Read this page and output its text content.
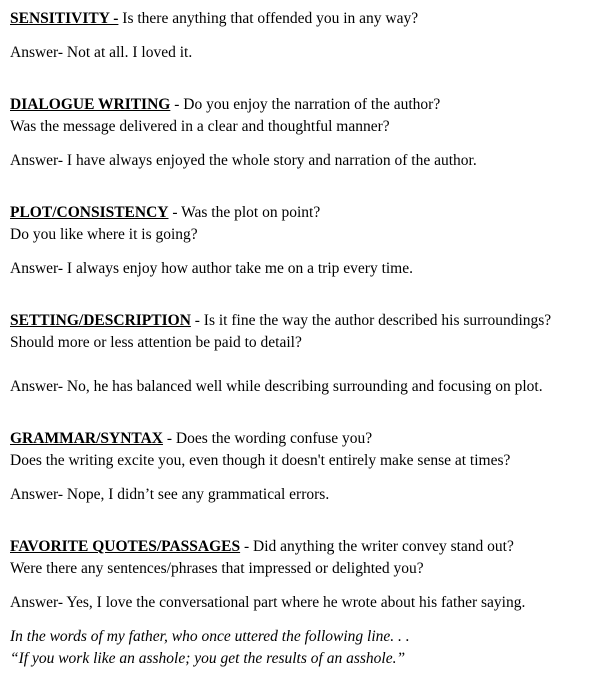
SENSITIVITY - Is there anything that offended you in any way?

Answer- Not at all. I loved it.

DIALOGUE WRITING - Do you enjoy the narration of the author?

Was the message delivered in a clear and thoughtful manner?

Answer- I have always enjoyed the whole story and narration of the author.

PLOT/CONSISTENCY - Was the plot on point?

Do you like where it is going?

Answer- I always enjoy how author take me on a trip every time.

SETTING/DESCRIPTION - Is it fine the way the author described his surroundings? Should more or less attention be paid to detail?

Answer- No, he has balanced well while describing surrounding and focusing on plot.

GRAMMAR/SYNTAX - Does the wording confuse you?

Does the writing excite you, even though it doesn't entirely make sense at times?

Answer- Nope, I didn’t see any grammatical errors.

FAVORITE QUOTES/PASSAGES - Did anything the writer convey stand out?

Were there any sentences/phrases that impressed or delighted you?

Answer- Yes, I love the conversational part where he wrote about his father saying.

In the words of my father, who once uttered the following line. . .

“If you work like an asshole; you get the results of an asshole.”
